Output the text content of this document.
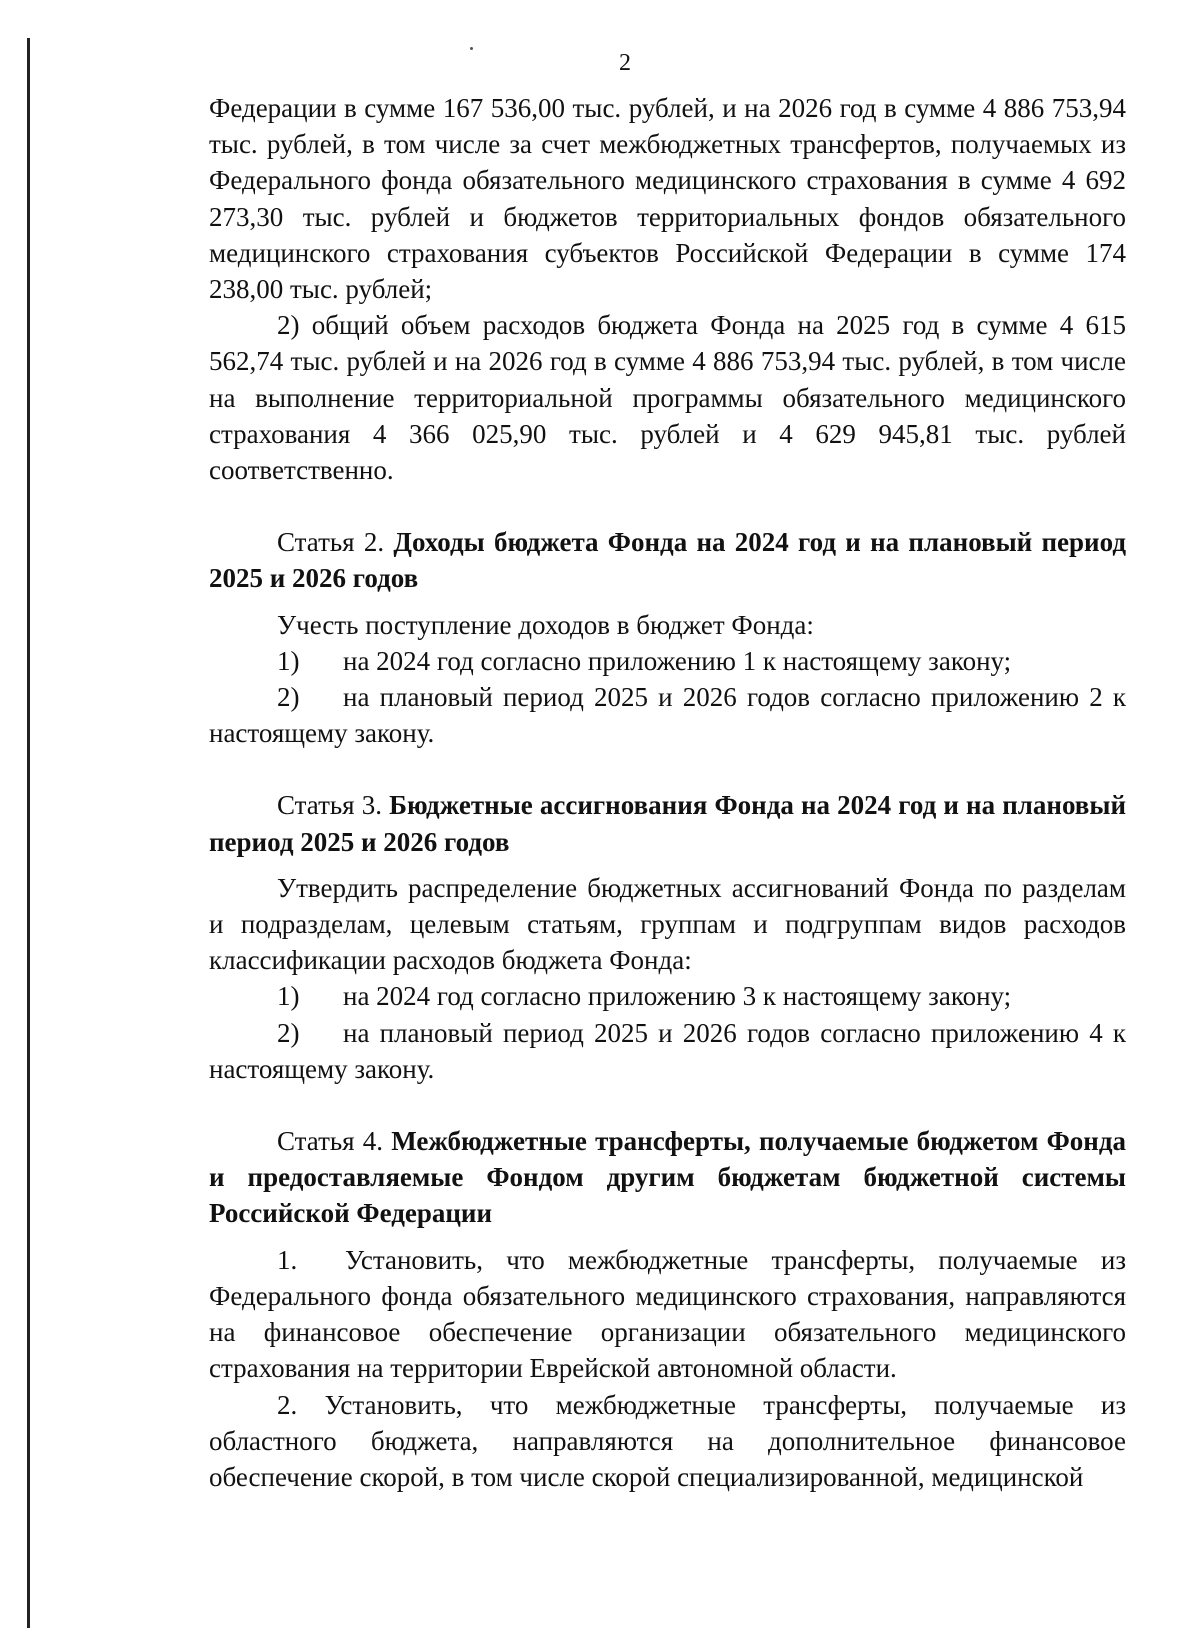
2

Федерации в сумме 167 536,00 тыс. рублей, и на 2026 год в сумме 4 886 753,94 тыс. рублей, в том числе за счет межбюджетных трансфертов, получаемых из Федерального фонда обязательного медицинского страхования в сумме 4 692 273,30 тыс. рублей и бюджетов территориальных фондов обязательного медицинского страхования субъектов Российской Федерации в сумме 174 238,00 тыс. рублей;

2) общий объем расходов бюджета Фонда на 2025 год в сумме 4 615 562,74 тыс. рублей и на 2026 год в сумме 4 886 753,94 тыс. рублей, в том числе на выполнение территориальной программы обязательного медицинского страхования 4 366 025,90 тыс. рублей и 4 629 945,81 тыс. рублей соответственно.

Статья 2. Доходы бюджета Фонда на 2024 год и на плановый период 2025 и 2026 годов

Учесть поступление доходов в бюджет Фонда:

1) на 2024 год согласно приложению 1 к настоящему закону;

2) на плановый период 2025 и 2026 годов согласно приложению 2 к настоящему закону.

Статья 3. Бюджетные ассигнования Фонда на 2024 год и на плановый период 2025 и 2026 годов

Утвердить распределение бюджетных ассигнований Фонда по разделам и подразделам, целевым статьям, группам и подгруппам видов расходов классификации расходов бюджета Фонда:

1) на 2024 год согласно приложению 3 к настоящему закону;

2) на плановый период 2025 и 2026 годов согласно приложению 4 к настоящему закону.

Статья 4. Межбюджетные трансферты, получаемые бюджетом Фонда и предоставляемые Фондом другим бюджетам бюджетной системы Российской Федерации

1. Установить, что межбюджетные трансферты, получаемые из Федерального фонда обязательного медицинского страхования, направляются на финансовое обеспечение организации обязательного медицинского страхования на территории Еврейской автономной области.

2. Установить, что межбюджетные трансферты, получаемые из областного бюджета, направляются на дополнительное финансовое обеспечение скорой, в том числе скорой специализированной, медицинской
